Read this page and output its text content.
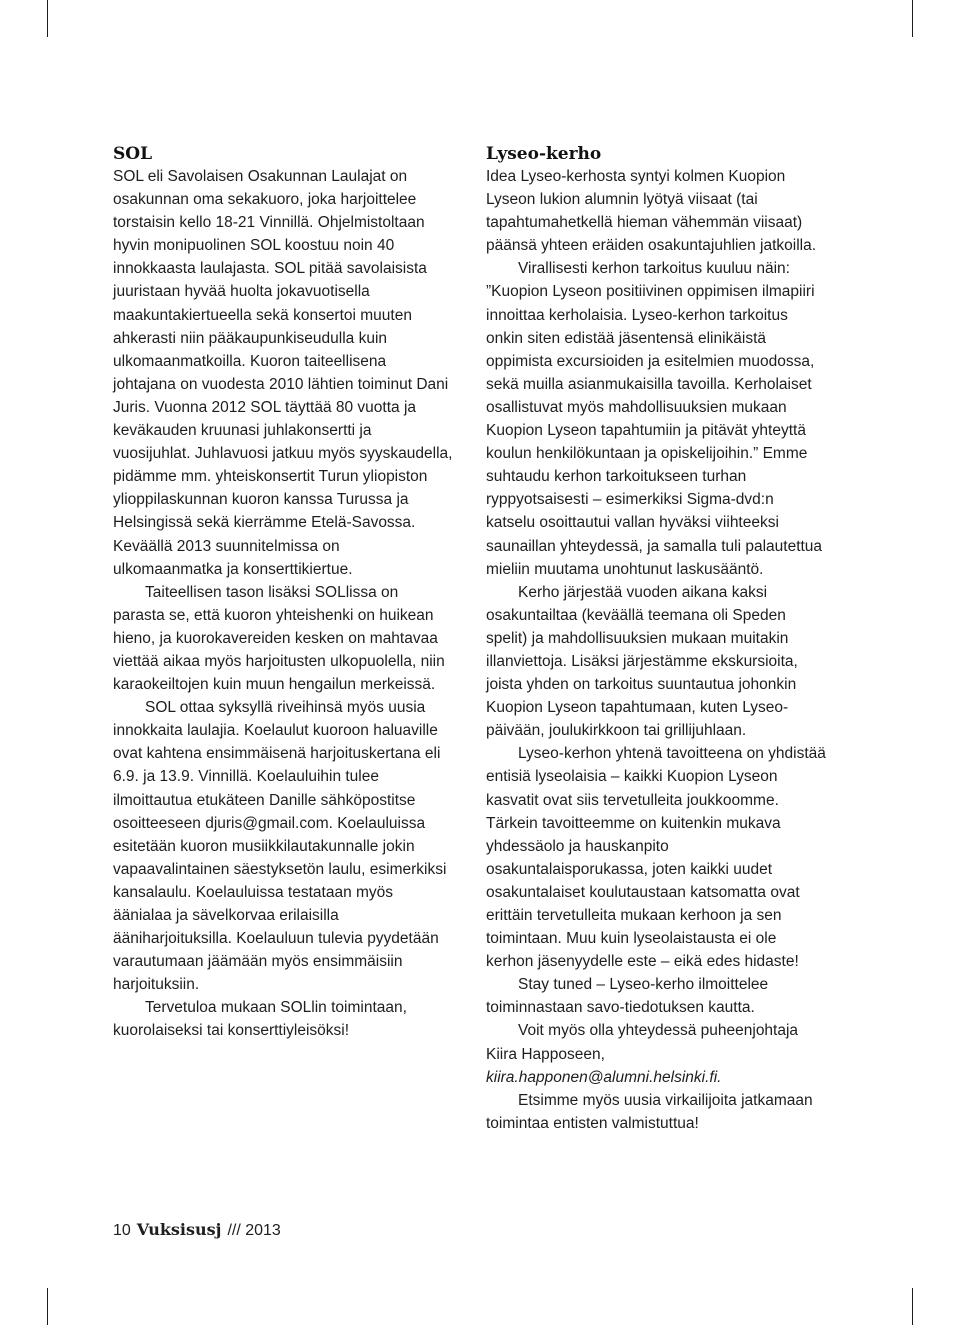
SOL

SOL eli Savolaisen Osakunnan Laulajat on osakunnan oma sekakuoro, joka harjoittelee torstaisin kello 18-21 Vinnillä. Ohjelmistoltaan hyvin monipuolinen SOL koostuu noin 40 innokkaasta laulajasta. SOL pitää savolaisista juuristaan hyvää huolta jokavuotisella maakuntakiertueella sekä konsertoi muuten ahkerasti niin pääkaupunkiseudulla kuin ulkomaanmatkoilla. Kuoron taiteellisena johtajana on vuodesta 2010 lähtien toiminut Dani Juris. Vuonna 2012 SOL täyttää 80 vuotta ja keväkauden kruunasi juhlakonsertti ja vuosijuhlat. Juhlavuosi jatkuu myös syyskaudella, pidämme mm. yhteiskonsertit Turun yliopiston ylioppilaskunnan kuoron kanssa Turussa ja Helsingissä sekä kierrämme Etelä-Savossa. Keväällä 2013 suunnitelmissa on ulkomaanmatka ja konserttikiertue.

Taiteellisen tason lisäksi SOLlissa on parasta se, että kuoron yhteishenki on huikean hieno, ja kuorokavereiden kesken on mahtavaa viettää aikaa myös harjoitusten ulkopuolella, niin karaokeiltojen kuin muun hengailun merkeissä.

SOL ottaa syksyllä riveihinsä myös uusia innokkaita laulajia. Koelaulut kuoroon haluaville ovat kahtena ensimmäisenä harjoituskertana eli 6.9. ja 13.9. Vinnillä. Koelauluihin tulee ilmoittautua etukäteen Danille sähköpostitse osoitteeseen djuris@gmail.com. Koelauluissa esitetään kuoron musiikkilautakunnalle jokin vapaavalintainen säestyksetön laulu, esimerkiksi kansalaulu. Koelauluissa testataan myös äänialaa ja sävelkorvaa erilaisilla ääniharjoituksilla. Koelauluun tulevia pyydetään varautumaan jäämään myös ensimmäisiin harjoituksiin.

Tervetuloa mukaan SOLlin toimintaan, kuorolaiseksi tai konserttiyleisöksi!

Lyseo-kerho

Idea Lyseo-kerhosta syntyi kolmen Kuopion Lyseon lukion alumnin lyötyä viisaat (tai tapahtumahetkellä hieman vähemmän viisaat) päänsä yhteen eräiden osakuntajuhlien jatkoilla.

Virallisesti kerhon tarkoitus kuuluu näin: ”Kuopion Lyseon positiivinen oppimisen ilmapiiri innoittaa kerholaisia. Lyseo-kerhon tarkoitus onkin siten edistää jäsentensä elinikäistä oppimista excursioiden ja esitelmien muodossa, sekä muilla asianmukaisilla tavoilla. Kerholaiset osallistuvat myös mahdollisuuksien mukaan Kuopion Lyseon tapahtumiin ja pitävät yhteyttä koulun henkilökuntaan ja opiskelijoihin.” Emme suhtaudu kerhon tarkoitukseen turhan ryppyotsaisesti – esimerkiksi Sigma-dvd:n katselu osoittautui vallan hyväksi viihteeksi saunaillan yhteydessä, ja samalla tuli palautettua mieliin muutama unohtunut laskusääntö.

Kerho järjestää vuoden aikana kaksi osakuntailtaa (keväällä teemana oli Speden spelit) ja mahdollisuuksien mukaan muitakin illanviettoja. Lisäksi järjestämme ekskursioita, joista yhden on tarkoitus suuntautua johonkin Kuopion Lyseon tapahtumaan, kuten Lyseo-päivään, joulukirkkoon tai grillijuhlaan.

Lyseo-kerhon yhtenä tavoitteena on yhdistää entisiä lyseolaisia – kaikki Kuopion Lyseon kasvatit ovat siis tervetulleita joukkoomme. Tärkein tavoitteemme on kuitenkin mukava yhdessäolo ja hauskanpito osakuntalaisporukassa, joten kaikki uudet osakuntalaiset koulutaustaan katsomatta ovat erittäin tervetulleita mukaan kerhoon ja sen toimintaan. Muu kuin lyseolaistausta ei ole kerhon jäsenyydelle este – eikä edes hidaste!

Stay tuned – Lyseo-kerho ilmoittelee toiminnastaan savo-tiedotuksen kautta.

Voit myös olla yhteydessä puheenjohtaja Kiira Happoseen, kiira.happonen@alumni.helsinki.fi.

Etsimme myös uusia virkailijoita jatkamaan toimintaa entisten valmistuttua!

10 Vuksisusj /// 2013
